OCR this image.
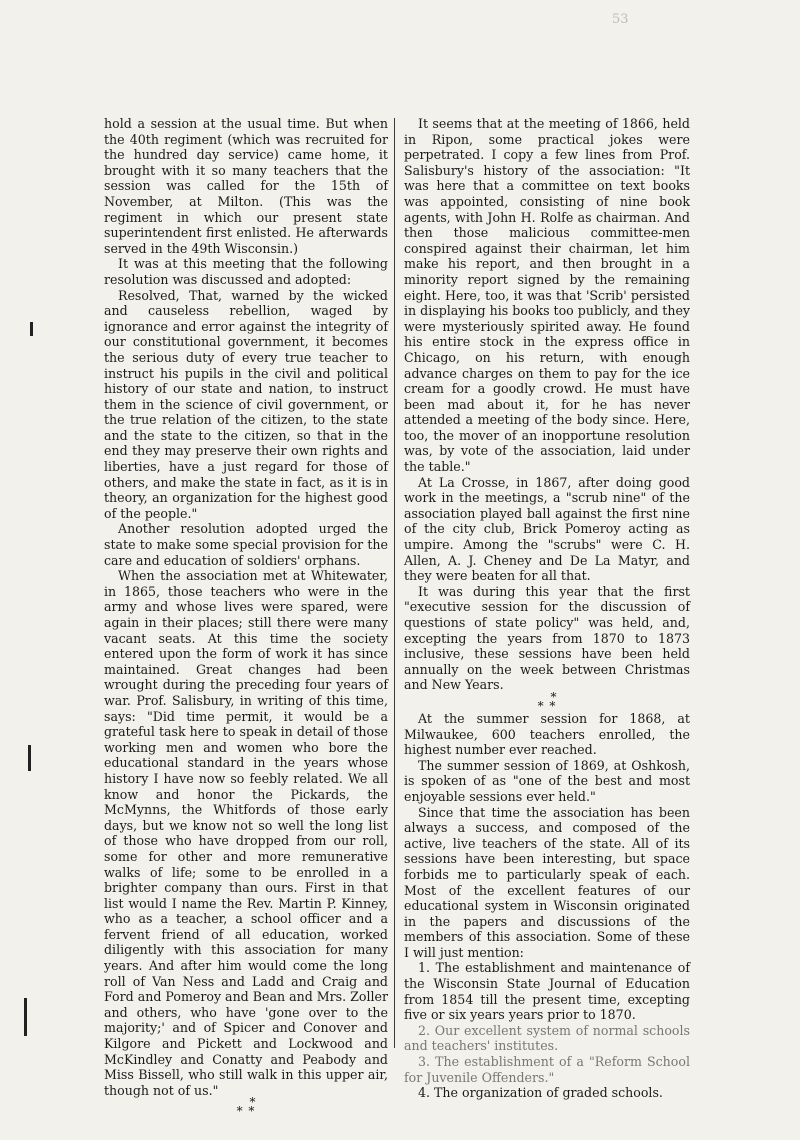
53

hold a session at the usual time. But when the 40th regiment (which was recruited for the hundred day service) came home, it brought with it so many teachers that the session was called for the 15th of November, at Milton. (This was the regiment in which our present state superintendent first enlisted. He afterwards served in the 49th Wisconsin.)

It was at this meeting that the following resolution was discussed and adopted:

Resolved, That, warned by the wicked and causeless rebellion, waged by ignorance and error against the integrity of our constitutional government, it becomes the serious duty of every true teacher to instruct his pupils in the civil and political history of our state and nation, to instruct them in the science of civil government, or the true relation of the citizen, to the state and the state to the citizen, so that in the end they may preserve their own rights and liberties, have a just regard for those of others, and make the state in fact, as it is in theory, an organization for the highest good of the people."

Another resolution adopted urged the state to make some special provision for the care and education of soldiers' orphans.

When the association met at Whitewater, in 1865, those teachers who were in the army and whose lives were spared, were again in their places; still there were many vacant seats. At this time the society entered upon the form of work it has since maintained. Great changes had been wrought during the preceding four years of war. Prof. Salisbury, in writing of this time, says: "Did time permit, it would be a grateful task here to speak in detail of those working men and women who bore the educational standard in the years whose history I have now so feebly related. We all know and honor the Pickards, the McMynns, the Whitfords of those early days, but we know not so well the long list of those who have dropped from our roll, some for other and more remunerative walks of life; some to be enrolled in a brighter company than ours. First in that list would I name the Rev. Martin P. Kinney, who as a teacher, a school officer and a fervent friend of all education, worked diligently with this association for many years. And after him would come the long roll of Van Ness and Ladd and Craig and Ford and Pomeroy and Bean and Mrs. Zoller and others, who have 'gone over to the majority;' and of Spicer and Conover and Kilgore and Pickett and Lockwood and McKindley and Conatty and Peabody and Miss Bissell, who still walk in this upper air, though not of us."

*
* *

It seems that at the meeting of 1866, held in Ripon, some practical jokes were perpetrated. I copy a few lines from Prof. Salisbury's history of the association: "It was here that a committee on text books was appointed, consisting of nine book agents, with John H. Rolfe as chairman. And then those malicious committee-men conspired against their chairman, let him make his report, and then brought in a minority report signed by the remaining eight. Here, too, it was that 'Scrib' persisted in displaying his books too publicly, and they were mysteriously spirited away. He found his entire stock in the express office in Chicago, on his return, with enough advance charges on them to pay for the ice cream for a goodly crowd. He must have been mad about it, for he has never attended a meeting of the body since. Here, too, the mover of an inopportune resolution was, by vote of the association, laid under the table."

At La Crosse, in 1867, after doing good work in the meetings, a "scrub nine" of the association played ball against the first nine of the city club, Brick Pomeroy acting as umpire. Among the "scrubs" were C. H. Allen, A. J. Cheney and De La Matyr, and they were beaten for all that.

It was during this year that the first "executive session for the discussion of questions of state policy" was held, and, excepting the years from 1870 to 1873 inclusive, these sessions have been held annually on the week between Christmas and New Years.

*
* *

At the summer session for 1868, at Milwaukee, 600 teachers enrolled, the highest number ever reached.

The summer session of 1869, at Oshkosh, is spoken of as "one of the best and most enjoyable sessions ever held."

Since that time the association has been always a success, and composed of the active, live teachers of the state. All of its sessions have been interesting, but space forbids me to particularly speak of each. Most of the excellent features of our educational system in Wisconsin originated in the papers and discussions of the members of this association. Some of these I will just mention:

1. The establishment and maintenance of the Wisconsin State Journal of Education from 1854 till the present time, excepting five or six years years prior to 1870.

2. Our excellent system of normal schools and teachers' institutes.

3. The establishment of a "Reform School for Juvenile Offenders."

4. The organization of graded schools.
